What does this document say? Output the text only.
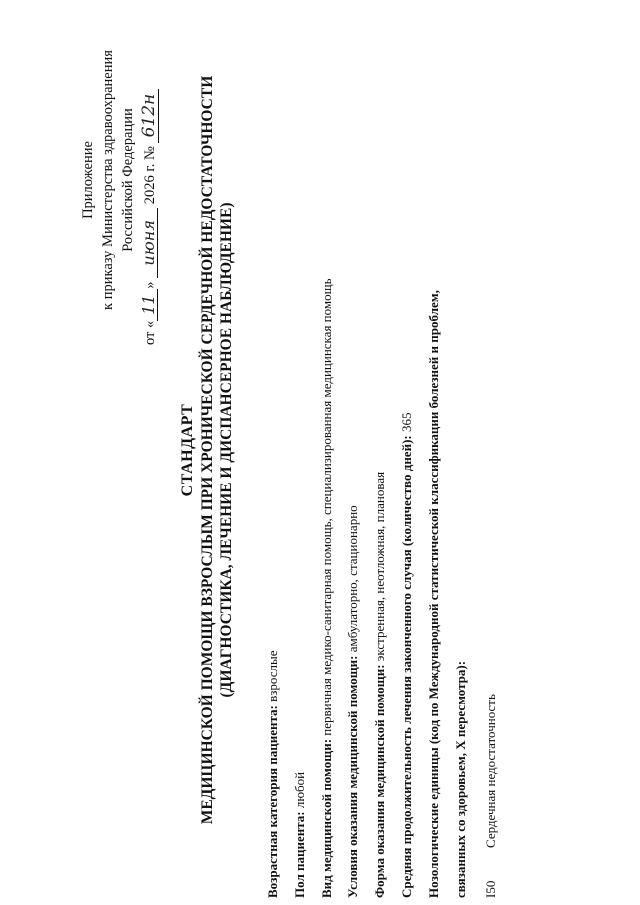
Приложение к приказу Министерства здравоохранения Российской Федерации
от «11» июня 2026 г. № 612н
СТАНДАРТ МЕДИЦИНСКОЙ ПОМОЩИ ВЗРОСЛЫМ ПРИ ХРОНИЧЕСКОЙ СЕРДЕЧНОЙ НЕДОСТАТОЧНОСТИ (ДИАГНОСТИКА, ЛЕЧЕНИЕ И ДИСПАНСЕРНОЕ НАБЛЮДЕНИЕ)
Возрастная категория пациента: взрослые
Пол пациента: любой Вид медицинской помощи: первичная медико-санитарная помощь, специализированная медицинская помощь
Условия оказания медицинской помощи: амбулаторно, стационарно
Форма оказания медицинской помощи: экстренная, неотложная, плановая Средняя продолжительность лечения законченного случая (количество дней): 365 Нозологические единицы (код по Международной статистической классификации болезней и проблем, связанных со здоровьем, X пересмотра): I50Сердечная недостаточность
